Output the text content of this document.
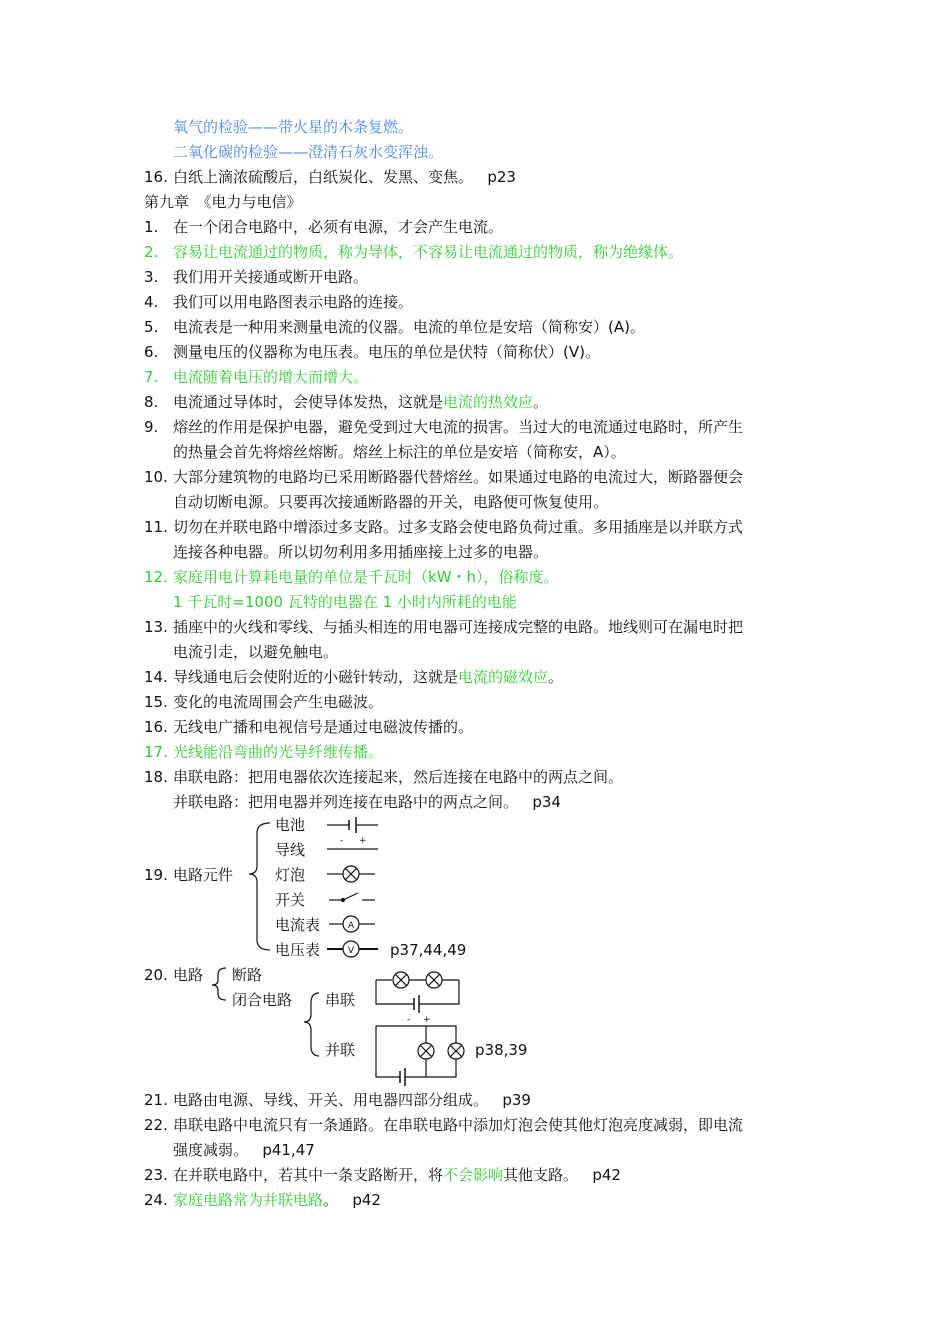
氧气的检验——带火星的木条复燃。
二氧化碳的检验——澄清石灰水变浑浊。
16. 白纸上滴浓硫酸后，白纸炭化、发黑、变焦。 p23
第九章　《电力与电信》
1. 在一个闭合电路中，必须有电源，才会产生电流。
2. 容易让电流通过的物质，称为导体，不容易让电流通过的物质，称为绝缘体。
3. 我们用开关接通或断开电路。
4. 我们可以用电路图表示电路的连接。
5. 电流表是一种用来测量电流的仪器。电流的单位是安培（简称安）(A)。
6. 测量电压的仪器称为电压表。电压的单位是伏特（简称伏）(V)。
7. 电流随着电压的增大而增大。
8. 电流通过导体时，会使导体发热，这就是电流的热效应。
9. 熔丝的作用是保护电器，避免受到过大电流的损害。当过大的电流通过电路时，所产生
的热量会首先将熔丝熔断。熔丝上标注的单位是安培（简称安，A）。
10. 大部分建筑物的电路均已采用断路器代替熔丝。如果通过电路的电流过大，断路器便会
自动切断电源。只要再次接通断路器的开关，电路便可恢复使用。
11. 切勿在并联电路中增添过多支路。过多支路会使电路负荷过重。多用插座是以并联方式
连接各种电器。所以切勿利用多用插座接上过多的电器。
12. 家庭用电计算耗电量的单位是千瓦时（kW・h），俗称度。
1 千瓦时=1000 瓦特的电器在 1 小时内所耗的电能
13. 插座中的火线和零线、与插头相连的用电器可连接成完整的电路。地线则可在漏电时把
电流引走，以避免触电。
14. 导线通电后会使附近的小磁针转动，这就是电流的磁效应。
15. 变化的电流周围会产生电磁波。
16. 无线电广播和电视信号是通过电磁波传播的。
17. 光线能沿弯曲的光导纤维传播。
18. 串联电路：把用电器依次连接起来，然后连接在电路中的两点之间。
并联电路：把用电器并列连接在电路中的两点之间。 p34
19. 电路元件
电池
导线
灯泡
开关
电流表
电压表	p37,44,49
20. 电路 断路
闭合电路 串联
并联	p38,39
- +
A
V
- +
21. 电路由电源、导线、开关、用电器四部分组成。 p39
22. 串联电路中电流只有一条通路。在串联电路中添加灯泡会使其他灯泡亮度减弱，即电流
强度减弱。 p41,47
23. 在并联电路中，若其中一条支路断开，将不会影响其他支路。 p42
24. 家庭电路常为并联电路。 p42
